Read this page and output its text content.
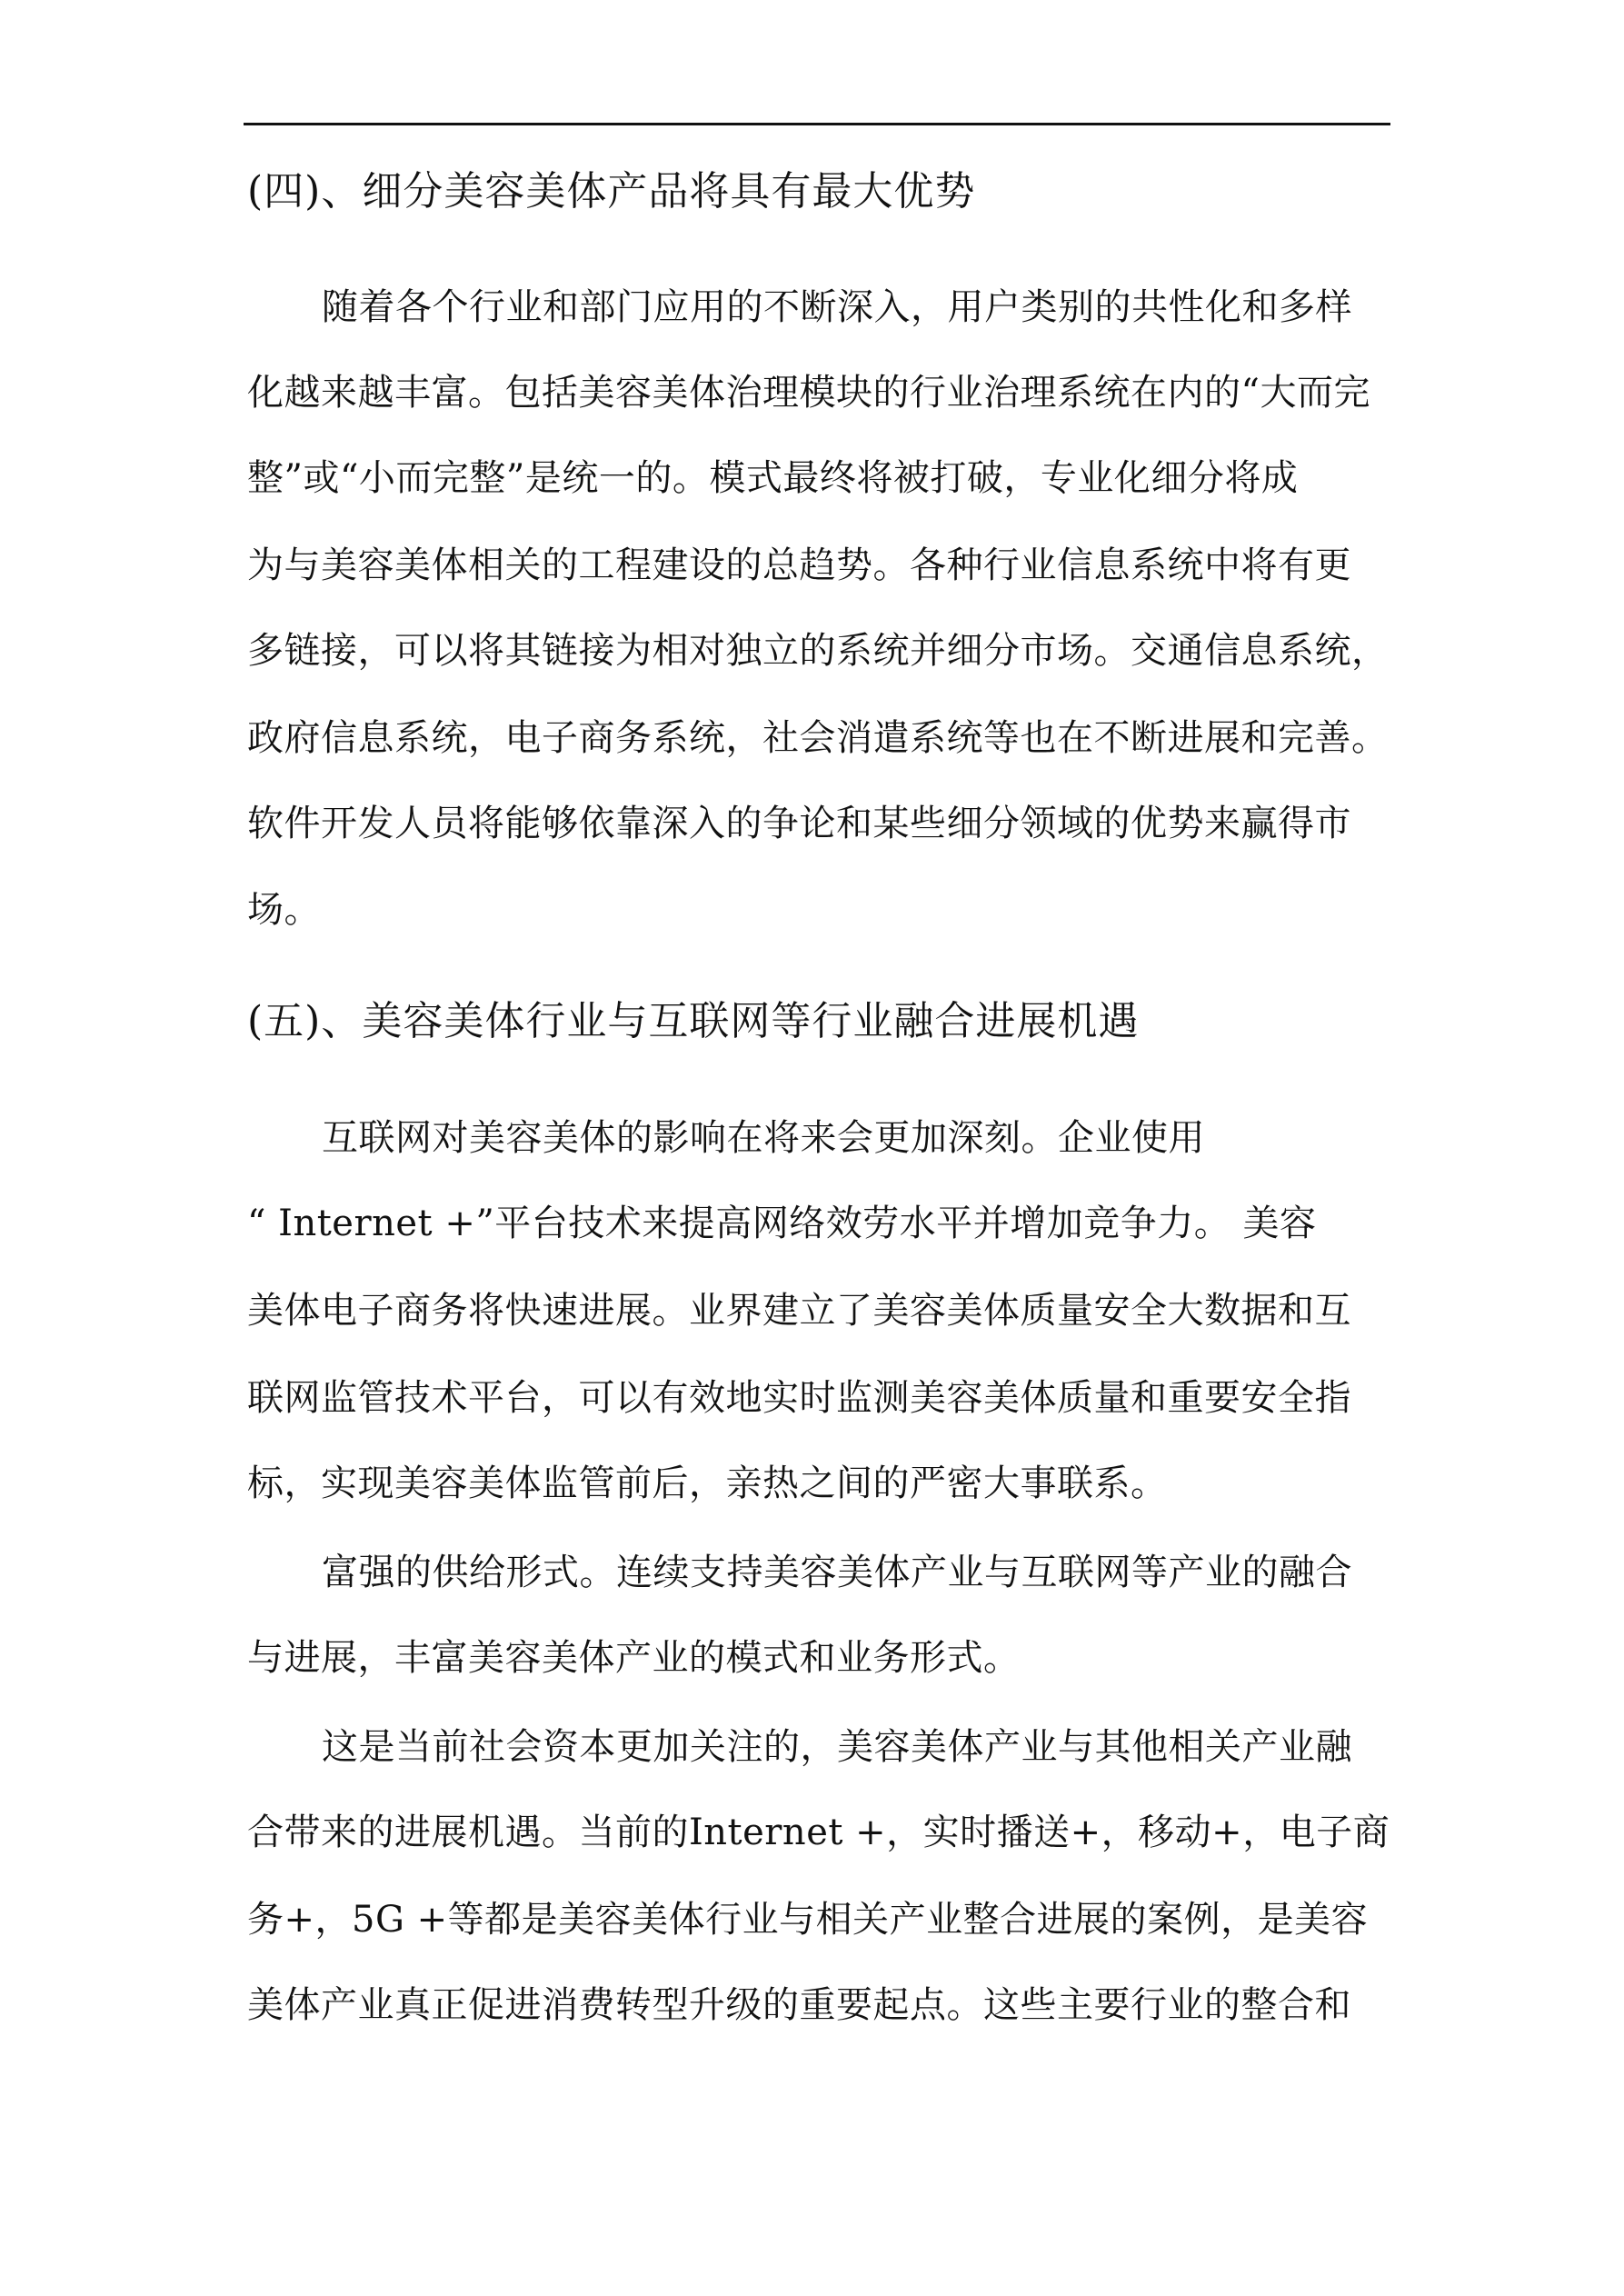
(四)、细分美容美体产品将具有最大优势
随着各个行业和部门应用的不断深入，用户类别的共性化和多样
化越来越丰富。包括美容美体治理模块的行业治理系统在内的“大而完
整”或“小而完整”是统一的。模式最终将被打破，专业化细分将成
为与美容美体相关的工程建设的总趋势。各种行业信息系统中将有更
多链接，可以将其链接为相对独立的系统并细分市场。交通信息系统，
政府信息系统，电子商务系统，社会消遣系统等也在不断进展和完善。
软件开发人员将能够依靠深入的争论和某些细分领域的优势来赢得市
场。
(五)、美容美体行业与互联网等行业融合进展机遇
互联网对美容美体的影响在将来会更加深刻。企业使用
“ Internet +”平台技术来提高网络效劳水平并增加竞争力。 美容
美体电子商务将快速进展。业界建立了美容美体质量安全大数据和互
联网监管技术平台，可以有效地实时监测美容美体质量和重要安全指
标，实现美容美体监管前后，亲热之间的严密大事联系。
富强的供给形式。连续支持美容美体产业与互联网等产业的融合
与进展，丰富美容美体产业的模式和业务形式。
这是当前社会资本更加关注的，美容美体产业与其他相关产业融
合带来的进展机遇。当前的Internet +，实时播送+，移动+，电子商
务+，5G +等都是美容美体行业与相关产业整合进展的案例，是美容
美体产业真正促进消费转型升级的重要起点。这些主要行业的整合和
